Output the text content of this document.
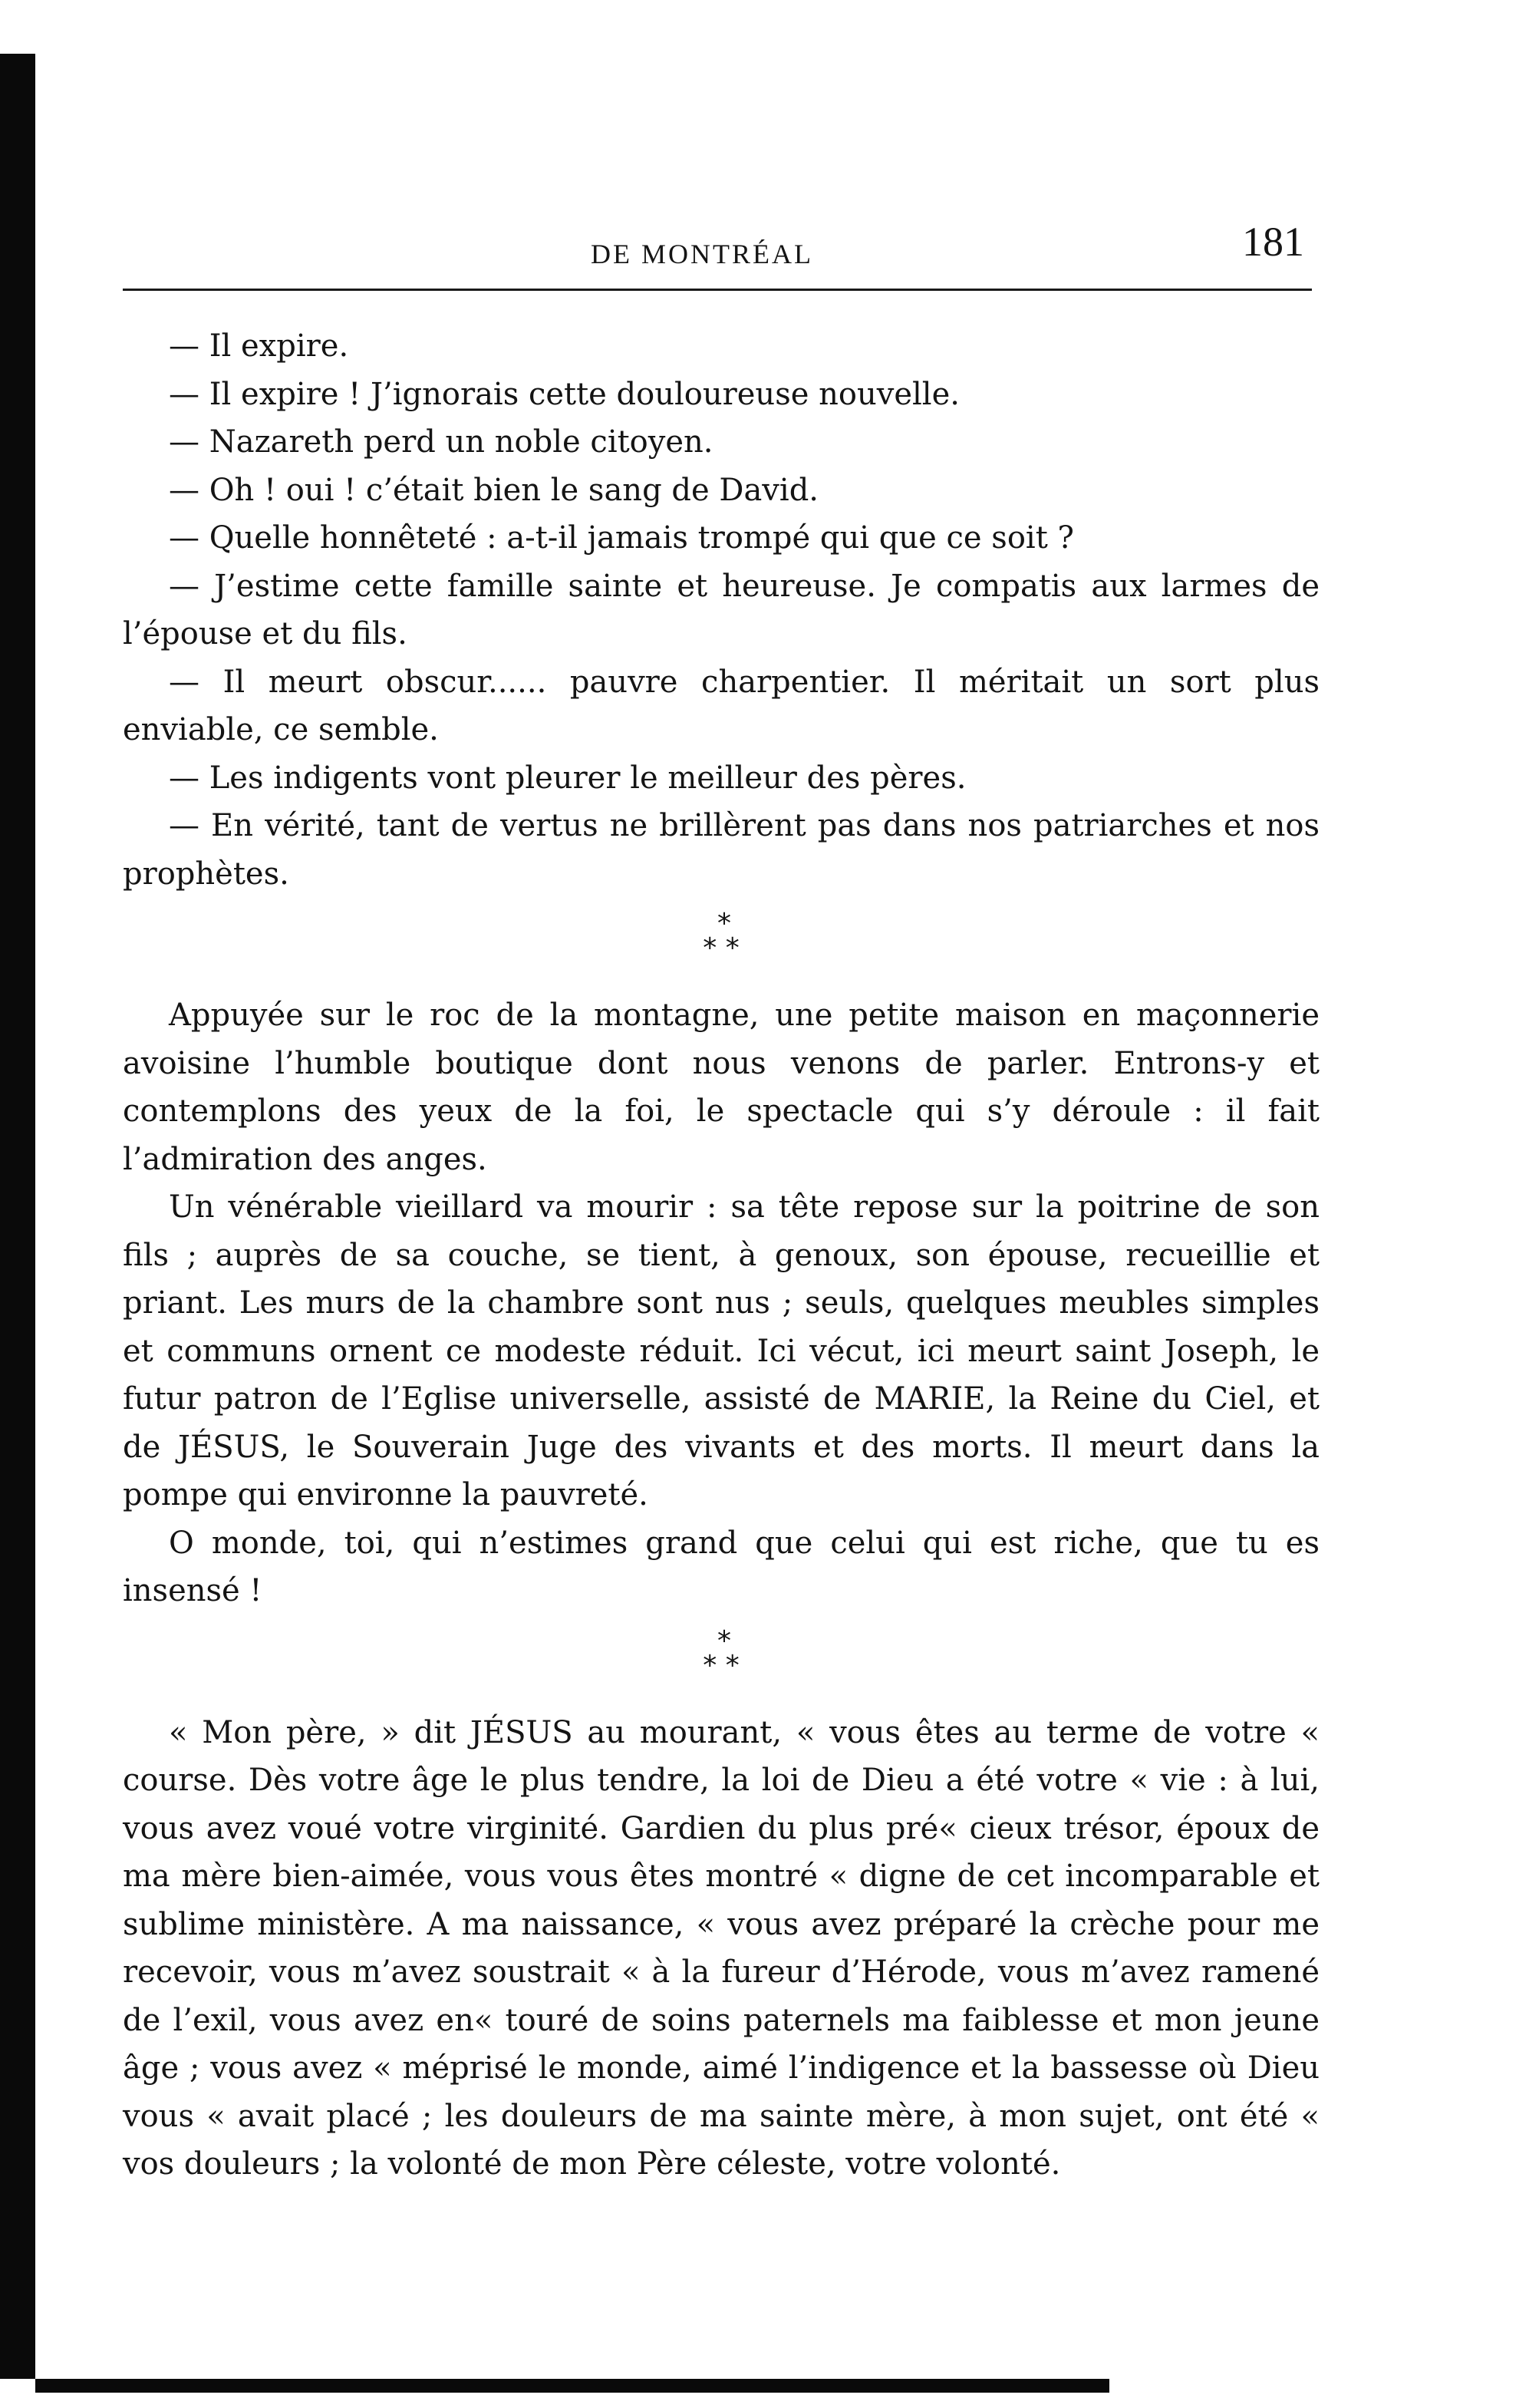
DE MONTRÉAL	181

— Il expire.

— Il expire ! J’ignorais cette douloureuse nouvelle.

— Nazareth perd un noble citoyen.

— Oh ! oui ! c’était bien le sang de David.

— Quelle honnêteté : a-t-il jamais trompé qui que ce soit ?

— J’estime cette famille sainte et heureuse. Je compatis aux larmes de l’épouse et du fils.

— Il meurt obscur...... pauvre charpentier. Il méritait un sort plus enviable, ce semble.

— Les indigents vont pleurer le meilleur des pères.

— En vérité, tant de vertus ne brillèrent pas dans nos patriarches et nos prophètes.

*
* *

Appuyée sur le roc de la montagne, une petite maison en maçonnerie avoisine l’humble boutique dont nous venons de parler. Entrons-y et contemplons des yeux de la foi, le spectacle qui s’y déroule : il fait l’admiration des anges.

Un vénérable vieillard va mourir : sa tête repose sur la poitrine de son fils ; auprès de sa couche, se tient, à genoux, son épouse, recueillie et priant. Les murs de la chambre sont nus ; seuls, quelques meubles simples et communs ornent ce modeste réduit. Ici vécut, ici meurt saint Joseph, le futur patron de l’Eglise universelle, assisté de MARIE, la Reine du Ciel, et de JÉSUS, le Souverain Juge des vivants et des morts. Il meurt dans la pompe qui environne la pauvreté.

O monde, toi, qui n’estimes grand que celui qui est riche, que tu es insensé !

*
* *

« Mon père, » dit JÉSUS au mourant, « vous êtes au terme de votre « course. Dès votre âge le plus tendre, la loi de Dieu a été votre « vie : à lui, vous avez voué votre virginité. Gardien du plus pré« cieux trésor, époux de ma mère bien-aimée, vous vous êtes montré « digne de cet incomparable et sublime ministère. A ma naissance, « vous avez préparé la crèche pour me recevoir, vous m’avez soustrait « à la fureur d’Hérode, vous m’avez ramené de l’exil, vous avez en« touré de soins paternels ma faiblesse et mon jeune âge ; vous avez « méprisé le monde, aimé l’indigence et la bassesse où Dieu vous « avait placé ; les douleurs de ma sainte mère, à mon sujet, ont été « vos douleurs ; la volonté de mon Père céleste, votre volonté.
